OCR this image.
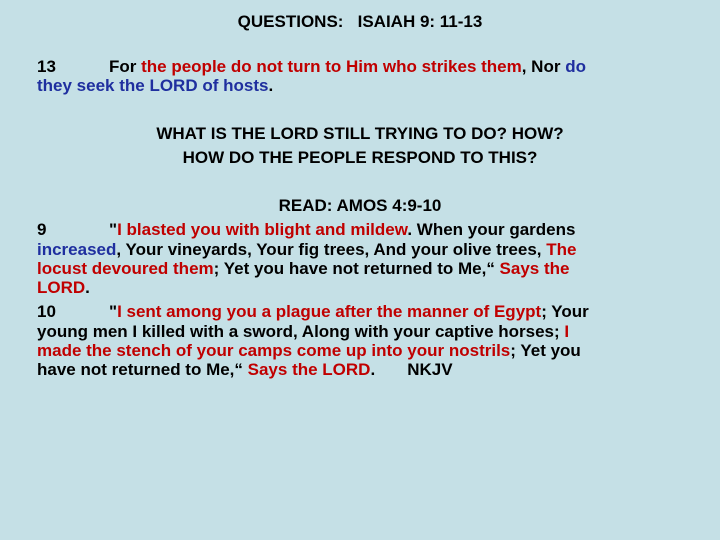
QUESTIONS:   ISAIAH 9: 11-13
13	For the people do not turn to Him who strikes them, Nor do
they seek the LORD of hosts.
WHAT IS THE LORD STILL TRYING TO DO? HOW?
HOW DO THE PEOPLE RESPOND TO THIS?
READ: AMOS 4:9-10
9	"I blasted you with blight and mildew. When your gardens
increased, Your vineyards, Your fig trees, And your olive trees, The
locust devoured them; Yet you have not returned to Me,“ Says the
LORD.
10	"I sent among you a plague after the manner of Egypt; Your
young men I killed with a sword, Along with your captive horses; I
made the stench of your camps come up into your nostrils; Yet you
have not returned to Me,“ Says the LORD. NKJV
